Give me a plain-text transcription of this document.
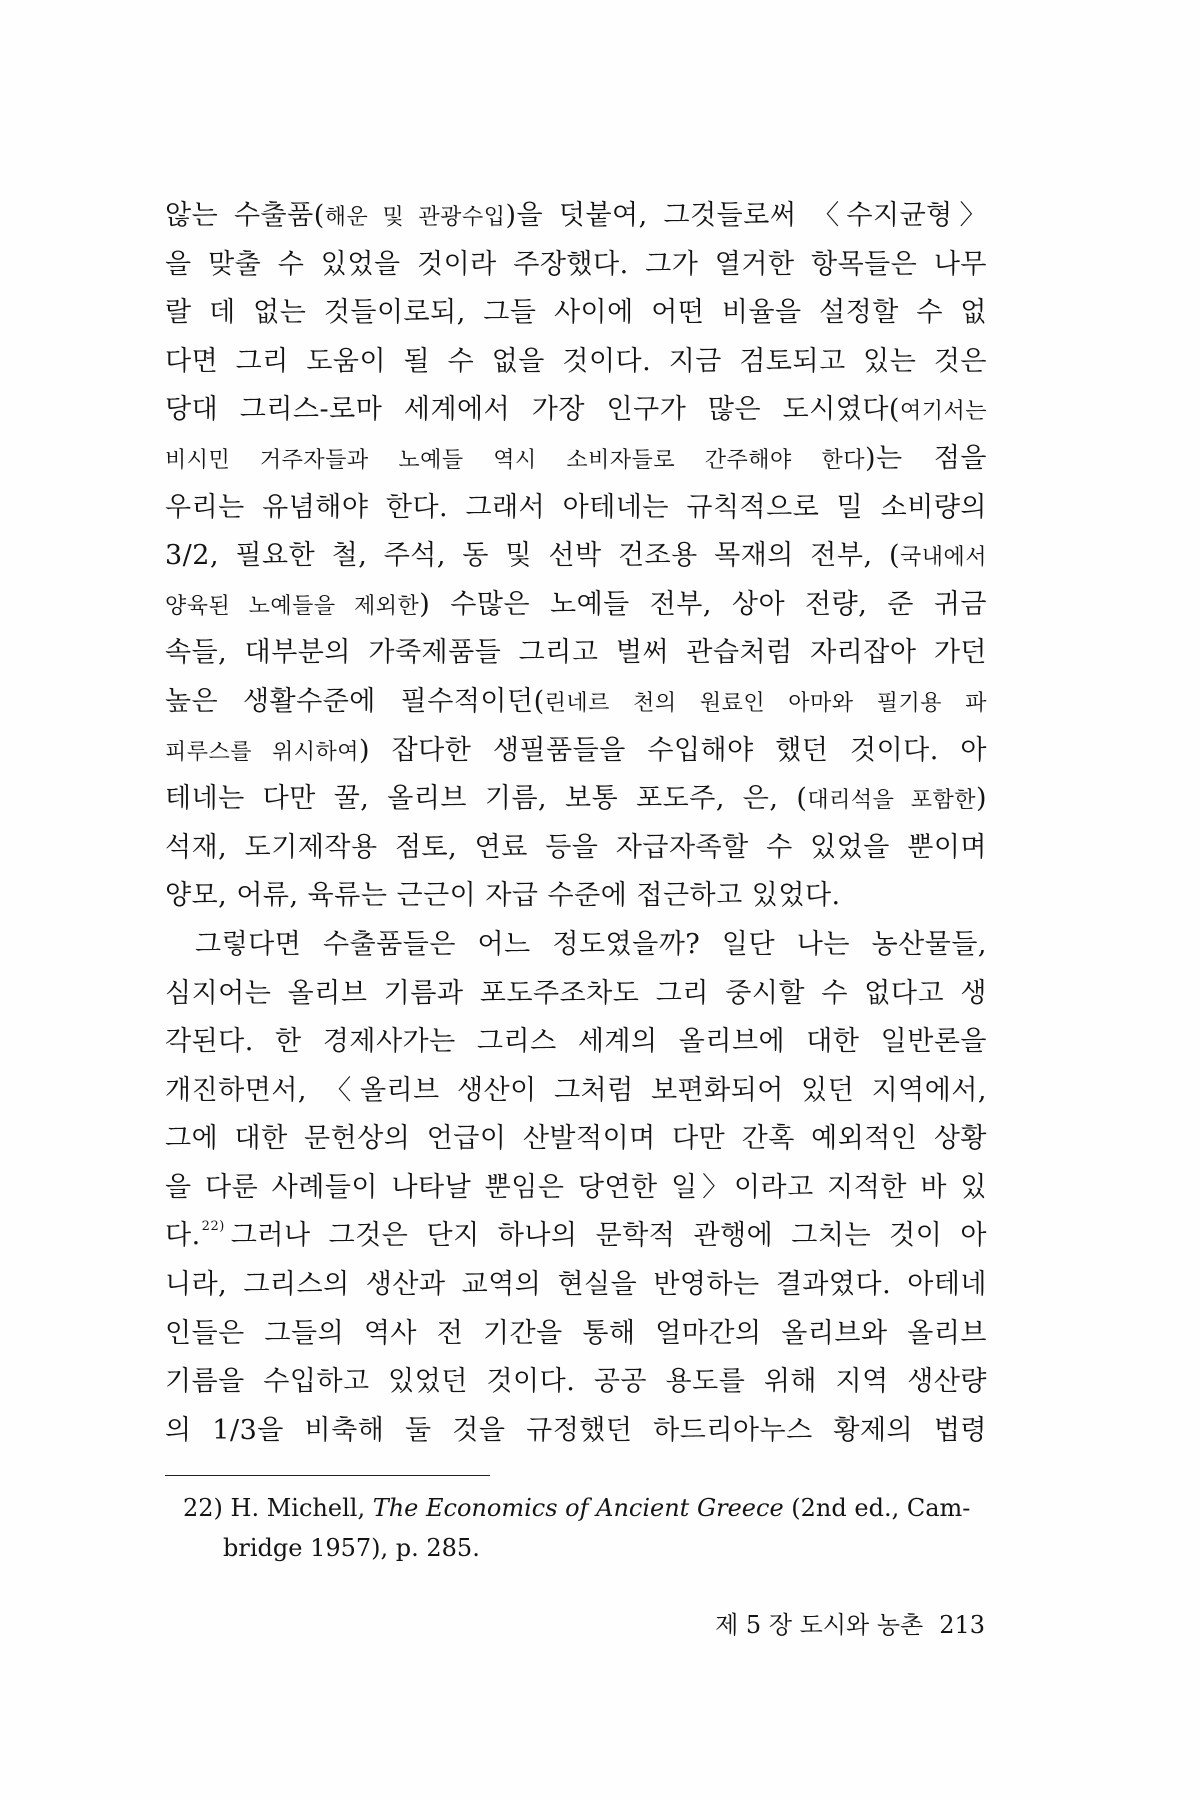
않는 수출품(해운 및 관광수입)을 덧붙여, 그것들로써 〈수지균형〉
을 맞출 수 있었을 것이라 주장했다. 그가 열거한 항목들은 나무
랄 데 없는 것들이로되, 그들 사이에 어떤 비율을 설정할 수 없
다면 그리 도움이 될 수 없을 것이다. 지금 검토되고 있는 것은
당대 그리스-로마 세계에서 가장 인구가 많은 도시였다(여기서는
비시민 거주자들과 노예들 역시 소비자들로 간주해야 한다)는 점을
우리는 유념해야 한다. 그래서 아테네는 규칙적으로 밀 소비량의
3/2, 필요한 철, 주석, 동 및 선박 건조용 목재의 전부, (국내에서
양육된 노예들을 제외한) 수많은 노예들 전부, 상아 전량, 준 귀금
속들, 대부분의 가죽제품들 그리고 벌써 관습처럼 자리잡아 가던
높은 생활수준에 필수적이던(린네르 천의 원료인 아마와 필기용 파
피루스를 위시하여) 잡다한 생필품들을 수입해야 했던 것이다. 아
테네는 다만 꿀, 올리브 기름, 보통 포도주, 은, (대리석을 포함한)
석재, 도기제작용 점토, 연료 등을 자급자족할 수 있었을 뿐이며
양모, 어류, 육류는 근근이 자급 수준에 접근하고 있었다.
그렇다면 수출품들은 어느 정도였을까? 일단 나는 농산물들,
심지어는 올리브 기름과 포도주조차도 그리 중시할 수 없다고 생
각된다. 한 경제사가는 그리스 세계의 올리브에 대한 일반론을
개진하면서, 〈올리브 생산이 그처럼 보편화되어 있던 지역에서,
그에 대한 문헌상의 언급이 산발적이며 다만 간혹 예외적인 상황
을 다룬 사례들이 나타날 뿐임은 당연한 일〉이라고 지적한 바 있
다.$^{22)}$ 그러나 그것은 단지 하나의 문학적 관행에 그치는 것이 아
니라, 그리스의 생산과 교역의 현실을 반영하는 결과였다. 아테네
인들은 그들의 역사 전 기간을 통해 얼마간의 올리브와 올리브
기름을 수입하고 있었던 것이다. 공공 용도를 위해 지역 생산량
의 1/3을 비축해 둘 것을 규정했던 하드리아누스 황제의 법령
22) H. Michell, The Economics of Ancient Greece (2nd ed., Cam-
bridge 1957), p. 285.
제 5 장 도시와 농촌 213
